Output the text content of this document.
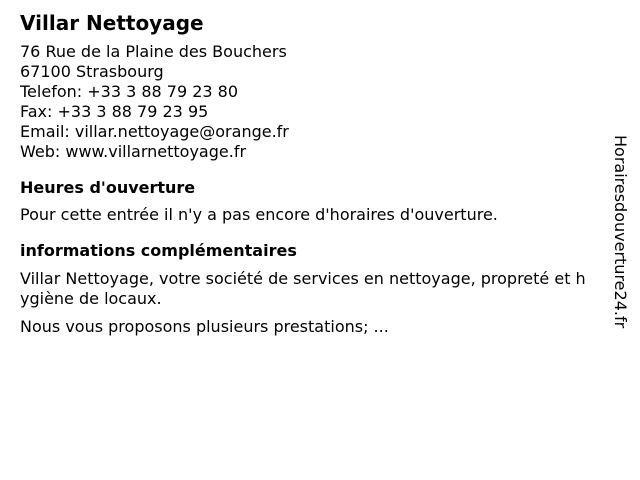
Villar Nettoyage
76 Rue de la Plaine des Bouchers
67100 Strasbourg
Telefon: +33 3 88 79 23 80
Fax: +33 3 88 79 23 95
Email: villar.nettoyage@orange.fr
Web: www.villarnettoyage.fr
Heures d'ouverture

Pour cette entrée il n'y a pas encore d'horaires d'ouverture.

informations complémentaires

Villar Nettoyage, votre société de services en nettoyage, propreté et hygiène de locaux.

Nous vous proposons plusieurs prestations; ...	Horairesdouverture24.fr
